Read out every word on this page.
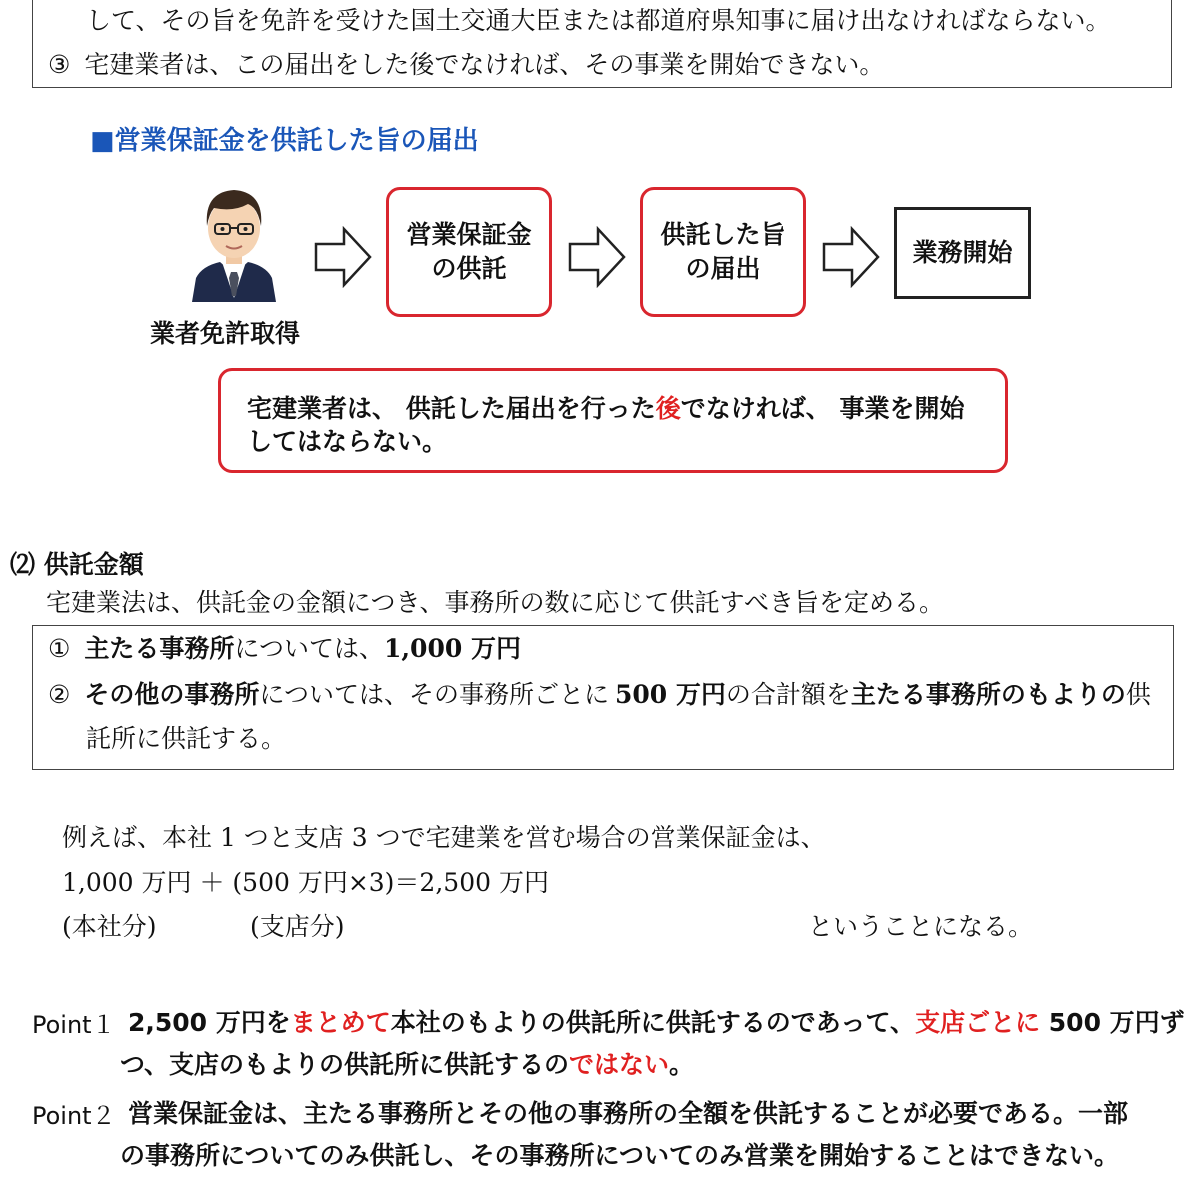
して、その旨を免許を受けた国土交通大臣または都道府県知事に届け出なければならない。
③ 宅建業者は、この届出をした後でなければ、その事業を開始できない。
■営業保証金を供託した旨の届出
業者免許取得
営業保証金
の供託
供託した旨
の届出
業務開始
宅建業者は、 供託した届出を行った後でなければ、 事業を開始
してはならない。
⑵ 供託金額
宅建業法は、供託金の金額につき、事務所の数に応じて供託すべき旨を定める。
① 主たる事務所については、1,000 万円
② その他の事務所については、その事務所ごとに 500 万円の合計額を主たる事務所のもよりの供
託所に供託する。
例えば、本社 1 つと支店 3 つで宅建業を営む場合の営業保証金は、
1,000 万円 ＋ (500 万円×3)＝2,500 万円
(本社分)	(支店分)	ということになる。
Point１ 2,500 万円をまとめて本社のもよりの供託所に供託するのであって、支店ごとに 500 万円ず
つ、支店のもよりの供託所に供託するのではない。
Point２ 営業保証金は、主たる事務所とその他の事務所の全額を供託することが必要である。一部
の事務所についてのみ供託し、その事務所についてのみ営業を開始することはできない。
